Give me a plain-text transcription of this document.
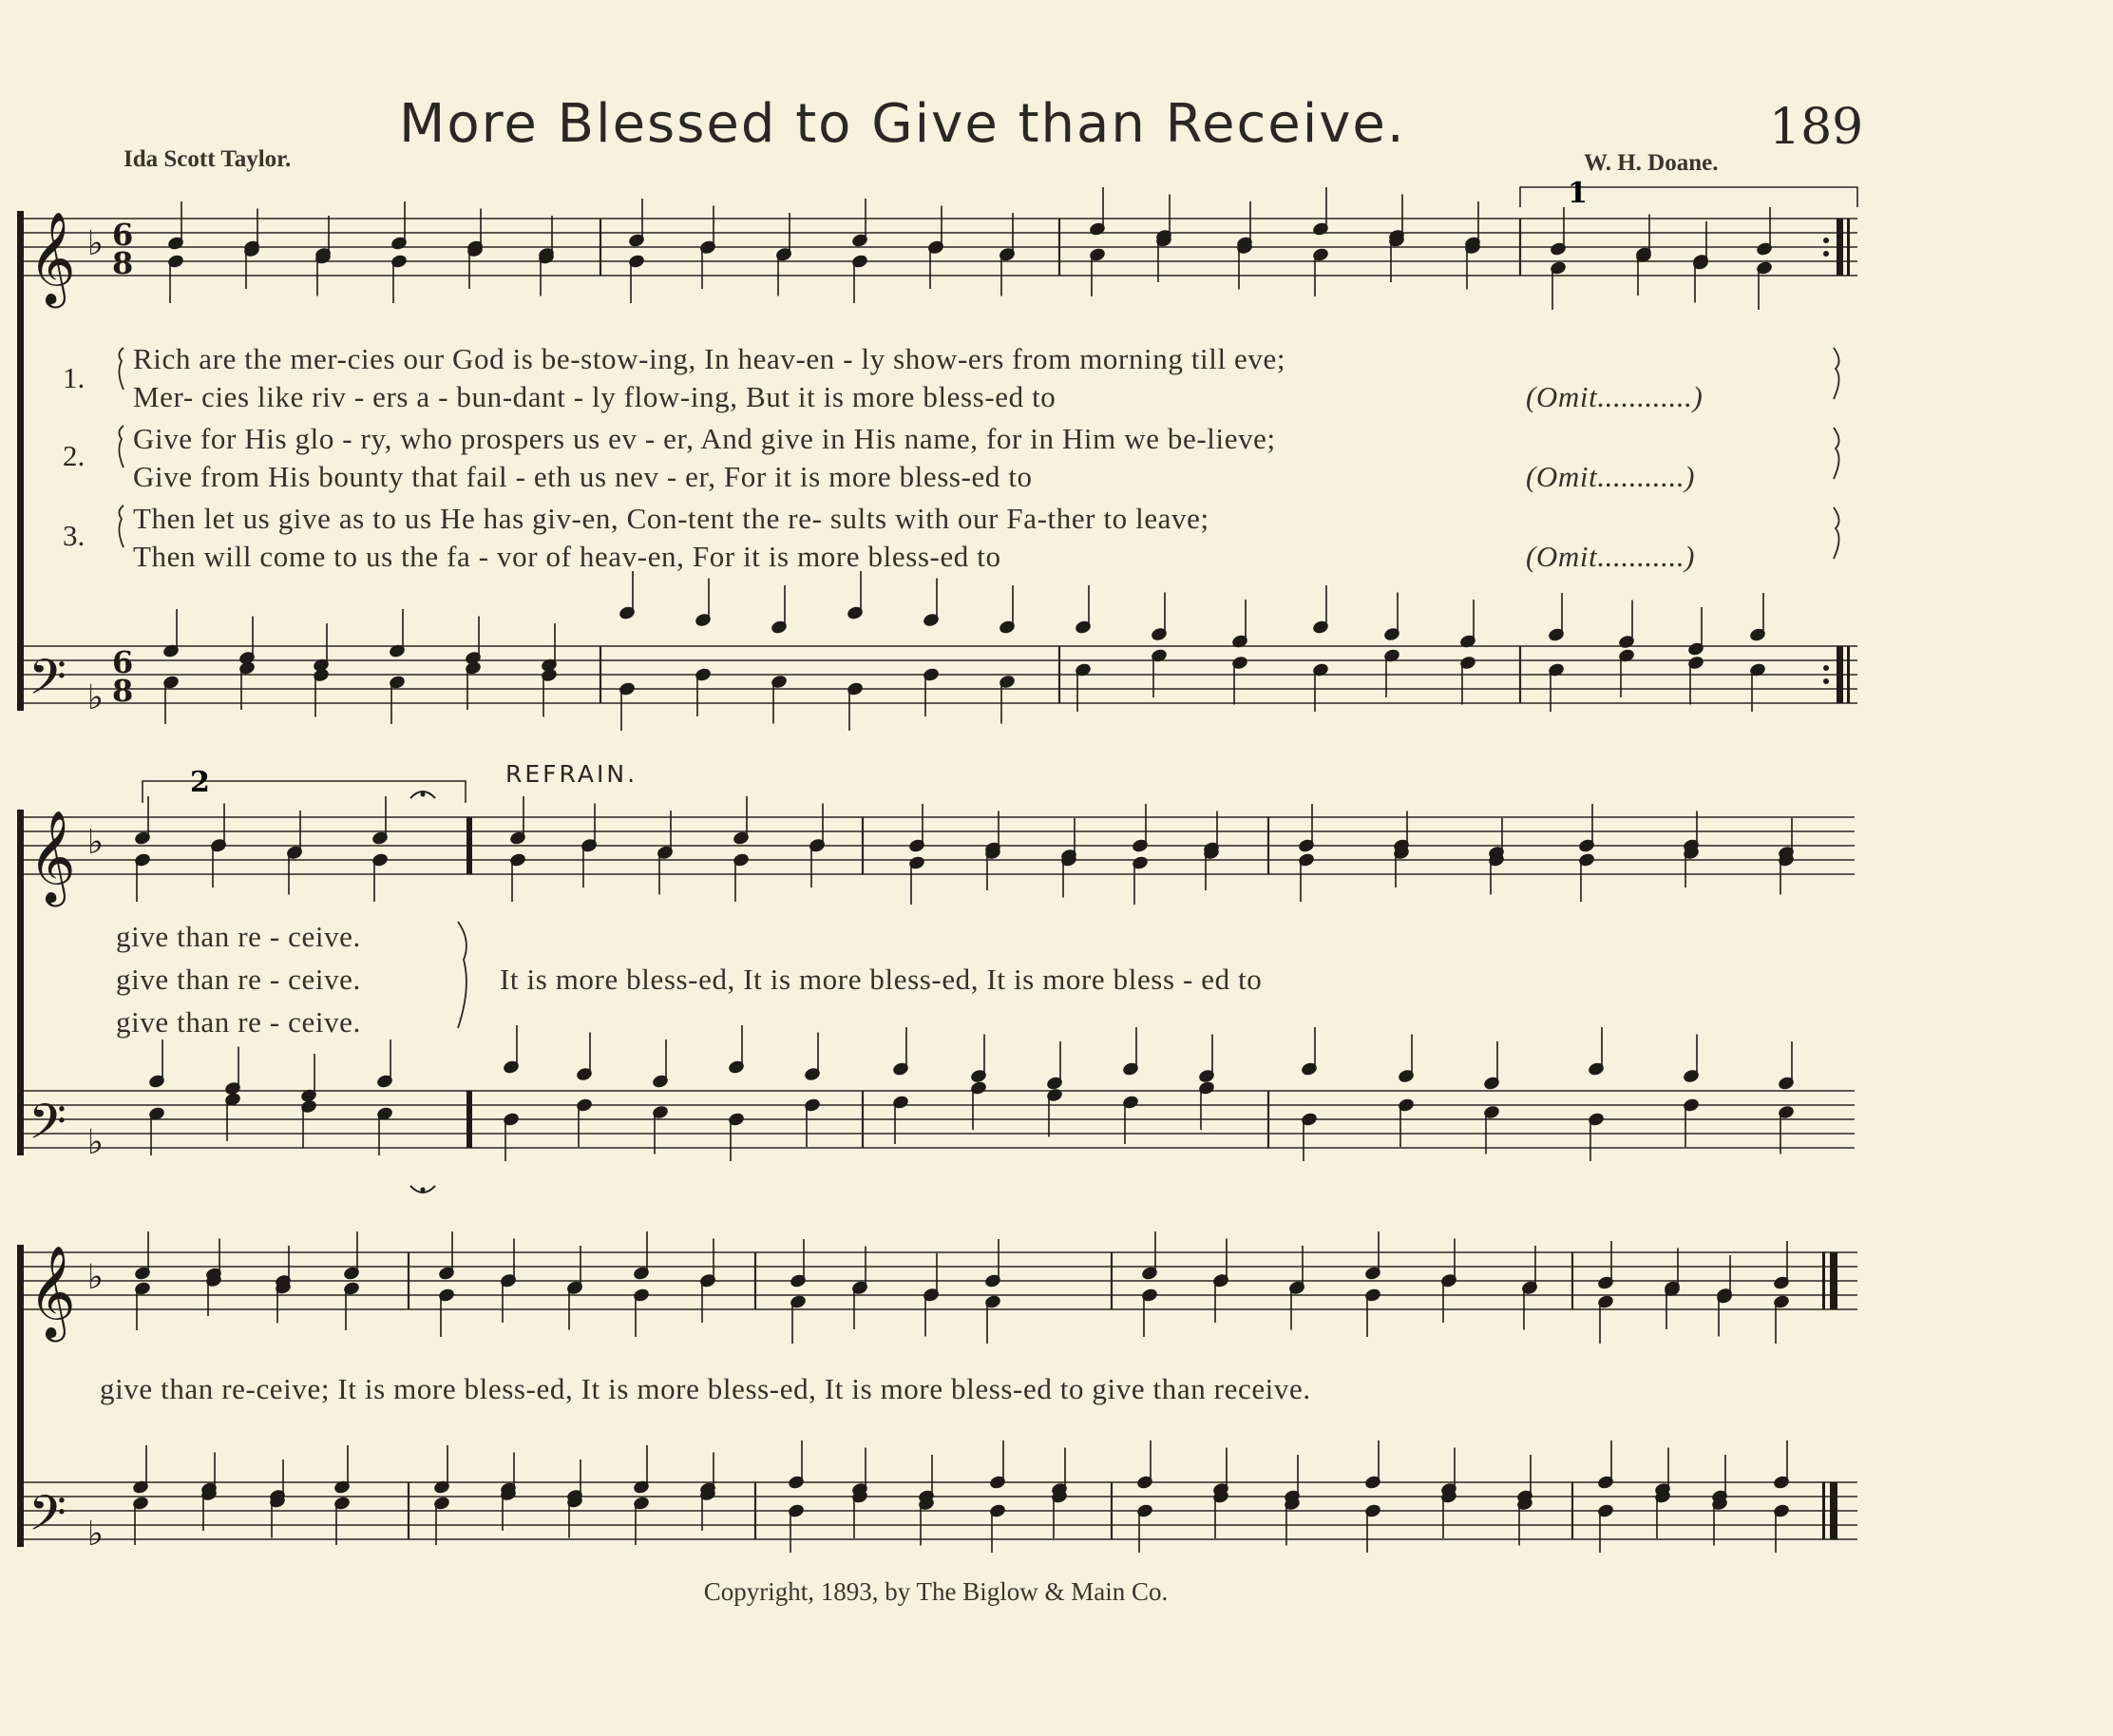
More Blessed to Give than Receive.	189
Ida Scott Taylor.	W. H. Doane.
1
2
𝄞
𝄞
𝄞
𝄢
𝄢
𝄢
♭
♭
♭
♭
♭
♭
6
8
6
8
1.
Rich are the mer-cies our God is be-stow-ing, In heav-en - ly show-ers from morning till eve;
Mer- cies like riv - ers a - bun-dant - ly flow-ing, But it is more bless-ed to	(Omit............)
2.
Give for His glo - ry, who prospers us ev - er, And give in His name, for in Him we be-lieve;
Give from His bounty that fail - eth us nev - er, For it is more bless-ed to	(Omit...........)
3.
Then let us give as to us He has giv-en, Con-tent the re- sults with our Fa-ther to leave;
Then will come to us the fa - vor of heav-en, For it is more bless-ed to	(Omit...........)
REFRAIN.
give than re - ceive.
give than re - ceive.
give than re - ceive.
It is more bless-ed, It is more bless-ed, It is more bless - ed to
give than re-ceive; It is more bless-ed, It is more bless-ed, It is more bless-ed to give than receive.
Copyright, 1893, by The Biglow & Main Co.
